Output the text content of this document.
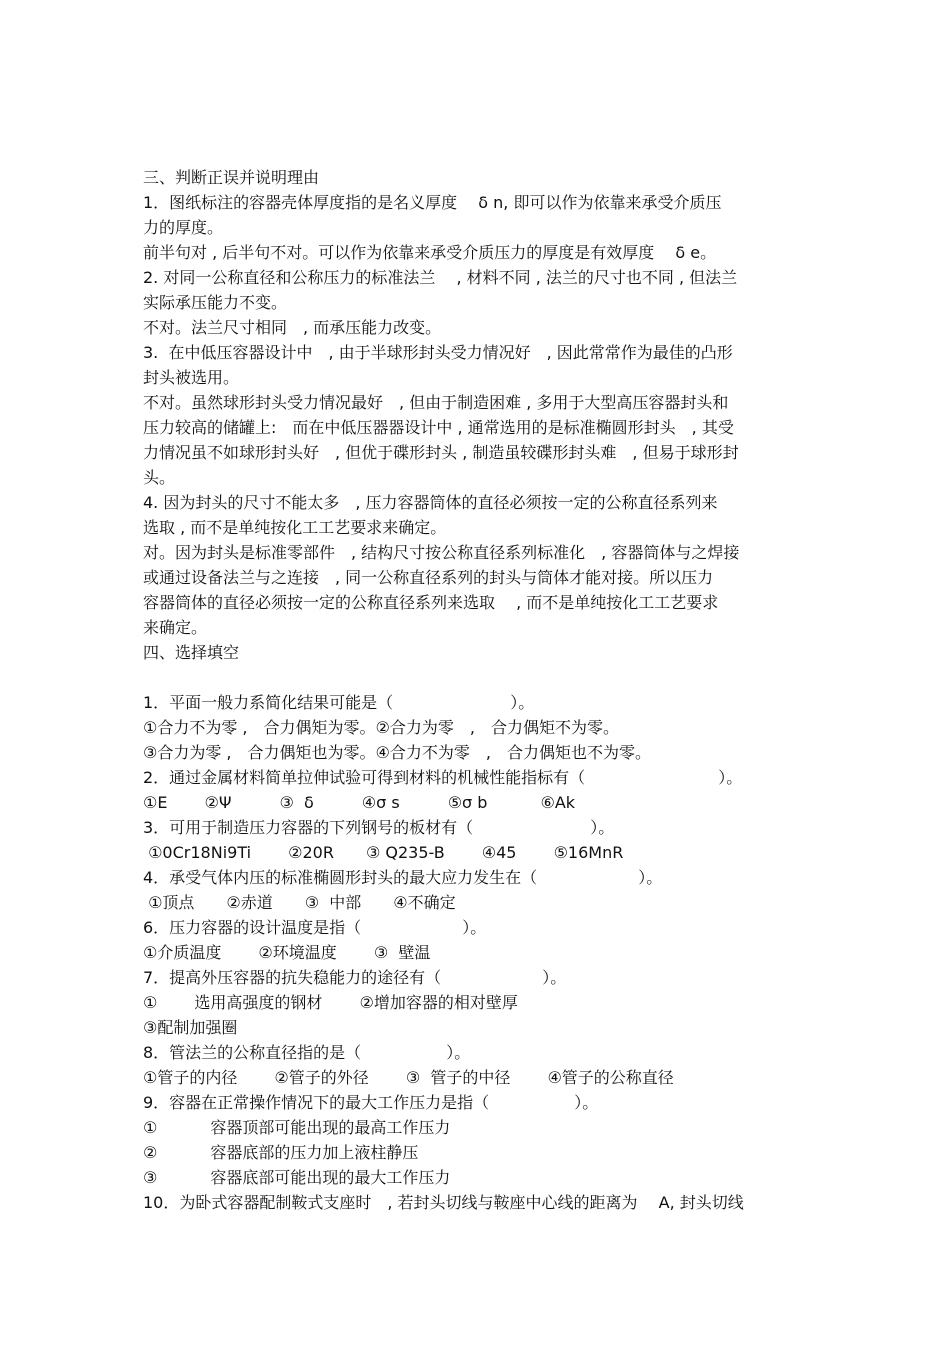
三、判断正误并说明理由
1．图纸标注的容器壳体厚度指的是名义厚度　 δ n, 即可以作为依靠来承受介质压
力的厚度。
前半句对 , 后半句不对。可以作为依靠来承受介质压力的厚度是有效厚度　 δ e。
2. 对同一公称直径和公称压力的标准法兰　 , 材料不同 , 法兰的尺寸也不同 , 但法兰
实际承压能力不变。
不对。法兰尺寸相同　, 而承压能力改变。
3.  在中低压容器设计中　, 由于半球形封头受力情况好　, 因此常常作为最佳的凸形
封头被选用。
不对。虽然球形封头受力情况最好　, 但由于制造困难 , 多用于大型高压容器封头和
压力较高的储罐上:　而在中低压器器设计中 , 通常选用的是标准椭圆形封头　, 其受
力情况虽不如球形封头好　, 但优于碟形封头 , 制造虽较碟形封头难　, 但易于球形封
头。
4. 因为封头的尺寸不能太多　, 压力容器筒体的直径必须按一定的公称直径系列来
选取 , 而不是单纯按化工工艺要求来确定。
对。因为封头是标准零部件　, 结构尺寸按公称直径系列标准化　, 容器筒体与之焊接
或通过设备法兰与之连接　, 同一公称直径系列的封头与筒体才能对接。所以压力
容器筒体的直径必须按一定的公称直径系列来选取　 , 而不是单纯按化工工艺要求
来确定。
四、选择填空
1．平面一般力系简化结果可能是（　　　　　　　 ）。
①合力不为零 ,　合力偶矩为零。②合力为零　,　合力偶矩不为零。
③合力为零 ,　合力偶矩也为零。④合力不为零　,　合力偶矩也不为零。
2．通过金属材料简单拉伸试验可得到材料的机械性能指标有（　　　　　　　　 ）。
①E　　 ②Ψ　　　③  δ　　　④σ s　　　⑤σ b　　　 ⑥Ak
3．可用于制造压力容器的下列钢号的板材有（　　　　　　　 ）。
①0Cr18Ni9Ti　　 ②20R　　③ Q235-B　　 ④45　　 ⑤16MnR
4．承受气体内压的标准椭圆形封头的最大应力发生在（　　　　　　 ）。
①顶点　　②赤道　　③  中部　　④不确定
6．压力容器的设计温度是指（　　　　　　 ）。
①介质温度　　 ②环境温度　　 ③  壁温
7．提高外压容器的抗失稳能力的途径有（　　　　　　 ）。
①　　 选用高强度的钢材　　 ②增加容器的相对壁厚
③配制加强圈
8．管法兰的公称直径指的是（　　　　　 ）。
①管子的内径　　 ②管子的外径　　 ③  管子的中径　　 ④管子的公称直径
9．容器在正常操作情况下的最大工作压力是指（　　　　　 ）。
①　　　 容器顶部可能出现的最高工作压力
②　　　 容器底部的压力加上液柱静压
③　　　 容器底部可能出现的最大工作压力
10．为卧式容器配制鞍式支座时　, 若封头切线与鞍座中心线的距离为　 A, 封头切线
